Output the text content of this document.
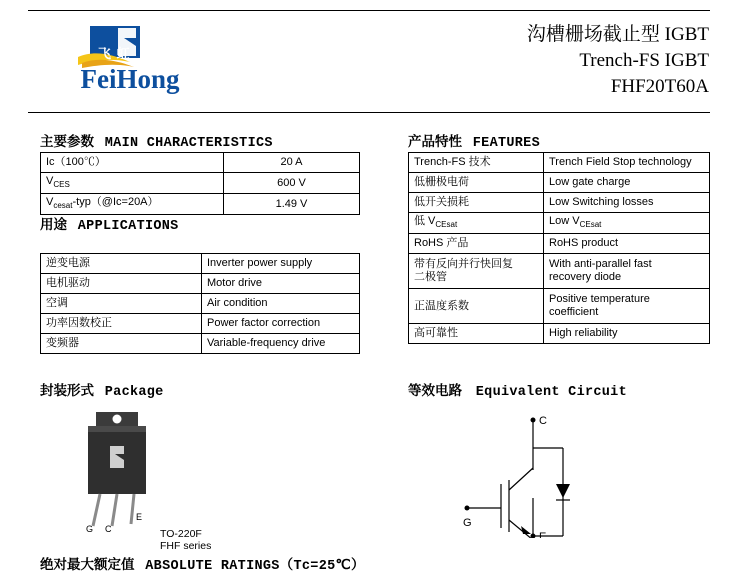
飞 虹
FeiHong
沟槽栅场截止型 IGBT
Trench-FS IGBT
FHF20T60A
主要参数 MAIN CHARACTERISTICS
Ic（100℃）	20 A
$V_{CES}$	600 V
$V_{cesat}-typ(@Ic=20A)$	1.49 V
用途 APPLICATIONS
逆变电源	Inverter power supply
电机驱动	Motor drive
空调	Air condition
功率因数校正	Power factor correction
变频器	Variable-frequency drive
产品特性 FEATURES
Trench-FS 技术	Trench Field Stop technology
低栅极电荷	Low gate charge
低开关损耗	Low Switching losses
低 $V_{CEsat}$	Low $V_{CEsat}$
RoHS 产品	RoHS product
带有反向并行快回复
二极管	With anti-parallel fast
recovery diode
正温度系数	Positive temperature
coefficient
高可靠性	High reliability
封装形式 Package
G C
E
TO-220F
FHF series
等效电路 Equivalent Circuit
C
G
E
绝对最大额定值 ABSOLUTE RATINGS（Tc=25℃）
